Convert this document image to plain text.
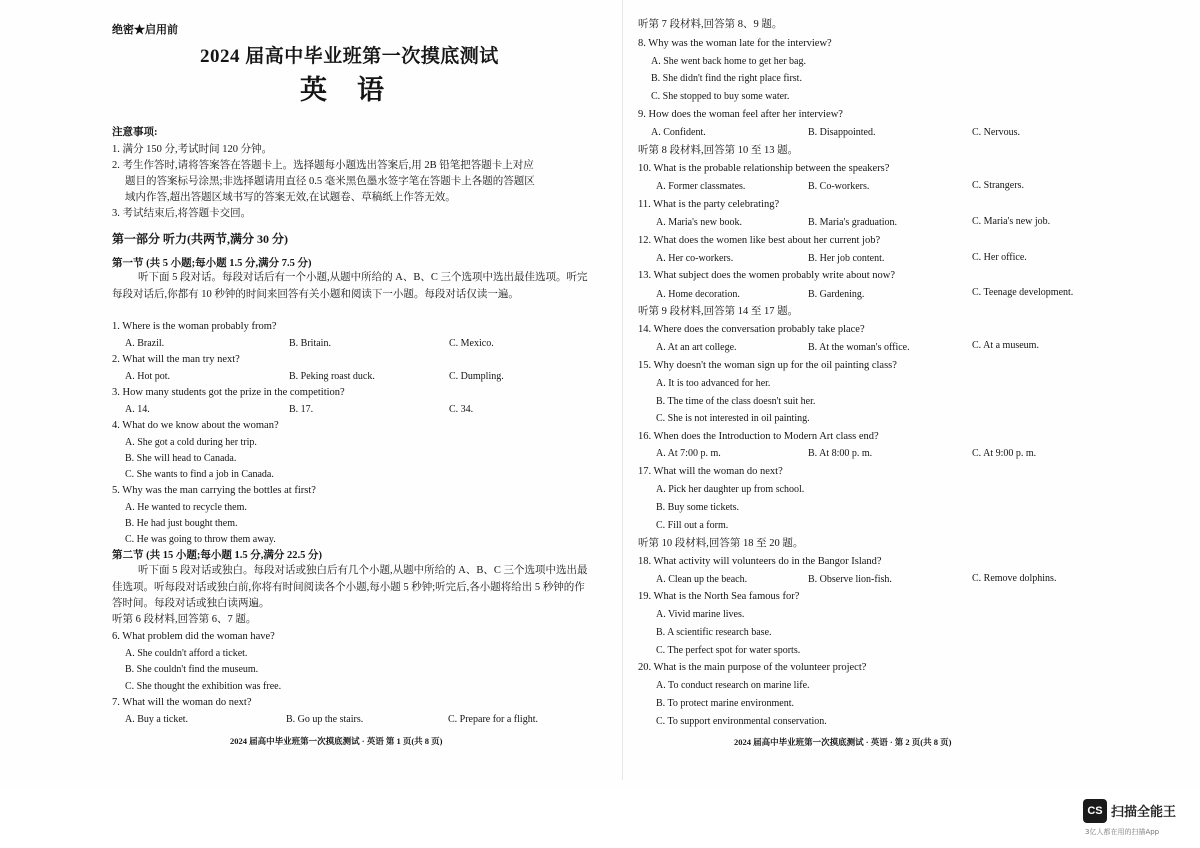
绝密★启用前
2024 届高中毕业班第一次摸底测试
英语
注意事项:
1. 满分 150 分,考试时间 120 分钟。
2. 考生作答时,请将答案答在答题卡上。选择题每小题选出答案后,用 2B 铅笔把答题卡上对应
题目的答案标号涂黑;非选择题请用直径 0.5 毫米黑色墨水签字笔在答题卡上各题的答题区
域内作答,超出答题区域书写的答案无效,在试题卷、草稿纸上作答无效。
3. 考试结束后,将答题卡交回。
第一部分 听力(共两节,满分 30 分)
第一节 (共 5 小题;每小题 1.5 分,满分 7.5 分)
听下面 5 段对话。每段对话后有一个小题,从题中所给的 A、B、C 三个选项中选出最佳选项。听完每段对话后,你都有 10 秒钟的时间来回答有关小题和阅读下一小题。每段对话仅读一遍。
1. Where is the woman probably from?
A. Brazil.	B. Britain.	C. Mexico.
2. What will the man try next?
A. Hot pot.	B. Peking roast duck.	C. Dumpling.
3. How many students got the prize in the competition?
A. 14.	B. 17.	C. 34.
4. What do we know about the woman?
A. She got a cold during her trip.
B. She will head to Canada.
C. She wants to find a job in Canada.
5. Why was the man carrying the bottles at first?
A. He wanted to recycle them.
B. He had just bought them.
C. He was going to throw them away.
第二节 (共 15 小题;每小题 1.5 分,满分 22.5 分)
听下面 5 段对话或独白。每段对话或独白后有几个小题,从题中所给的 A、B、C 三个选项中选出最佳选项。听每段对话或独白前,你将有时间阅读各个小题,每小题 5 秒钟;听完后,各小题将给出 5 秒钟的作答时间。每段对话或独白读两遍。
听第 6 段材料,回答第 6、7 题。
6. What problem did the woman have?
A. She couldn't afford a ticket.
B. She couldn't find the museum.
C. She thought the exhibition was free.
7. What will the woman do next?
A. Buy a ticket.	B. Go up the stairs.	C. Prepare for a flight.
2024 届高中毕业班第一次摸底测试 · 英语 第 1 页(共 8 页)
听第 7 段材料,回答第 8、9 题。
8. Why was the woman late for the interview?
A. She went back home to get her bag.
B. She didn't find the right place first.
C. She stopped to buy some water.
9. How does the woman feel after her interview?
A. Confident.	B. Disappointed.	C. Nervous.
听第 8 段材料,回答第 10 至 13 题。
10. What is the probable relationship between the speakers?
A. Former classmates.	B. Co-workers.	C. Strangers.
11. What is the party celebrating?
A. Maria's new book.	B. Maria's graduation.	C. Maria's new job.
12. What does the women like best about her current job?
A. Her co-workers.	B. Her job content.	C. Her office.
13. What subject does the women probably write about now?
A. Home decoration.	B. Gardening.	C. Teenage development.
听第 9 段材料,回答第 14 至 17 题。
14. Where does the conversation probably take place?
A. At an art college.	B. At the woman's office.	C. At a museum.
15. Why doesn't the woman sign up for the oil painting class?
A. It is too advanced for her.
B. The time of the class doesn't suit her.
C. She is not interested in oil painting.
16. When does the Introduction to Modern Art class end?
A. At 7:00 p. m.	B. At 8:00 p. m.	C. At 9:00 p. m.
17. What will the woman do next?
A. Pick her daughter up from school.
B. Buy some tickets.
C. Fill out a form.
听第 10 段材料,回答第 18 至 20 题。
18. What activity will volunteers do in the Bangor Island?
A. Clean up the beach.	B. Observe lion-fish.	C. Remove dolphins.
19. What is the North Sea famous for?
A. Vivid marine lives.
B. A scientific research base.
C. The perfect spot for water sports.
20. What is the main purpose of the volunteer project?
A. To conduct research on marine life.
B. To protect marine environment.
C. To support environmental conservation.
2024 届高中毕业班第一次摸底测试 · 英语 · 第 2 页(共 8 页)
CS 扫描全能王
3亿人都在用的扫描App
